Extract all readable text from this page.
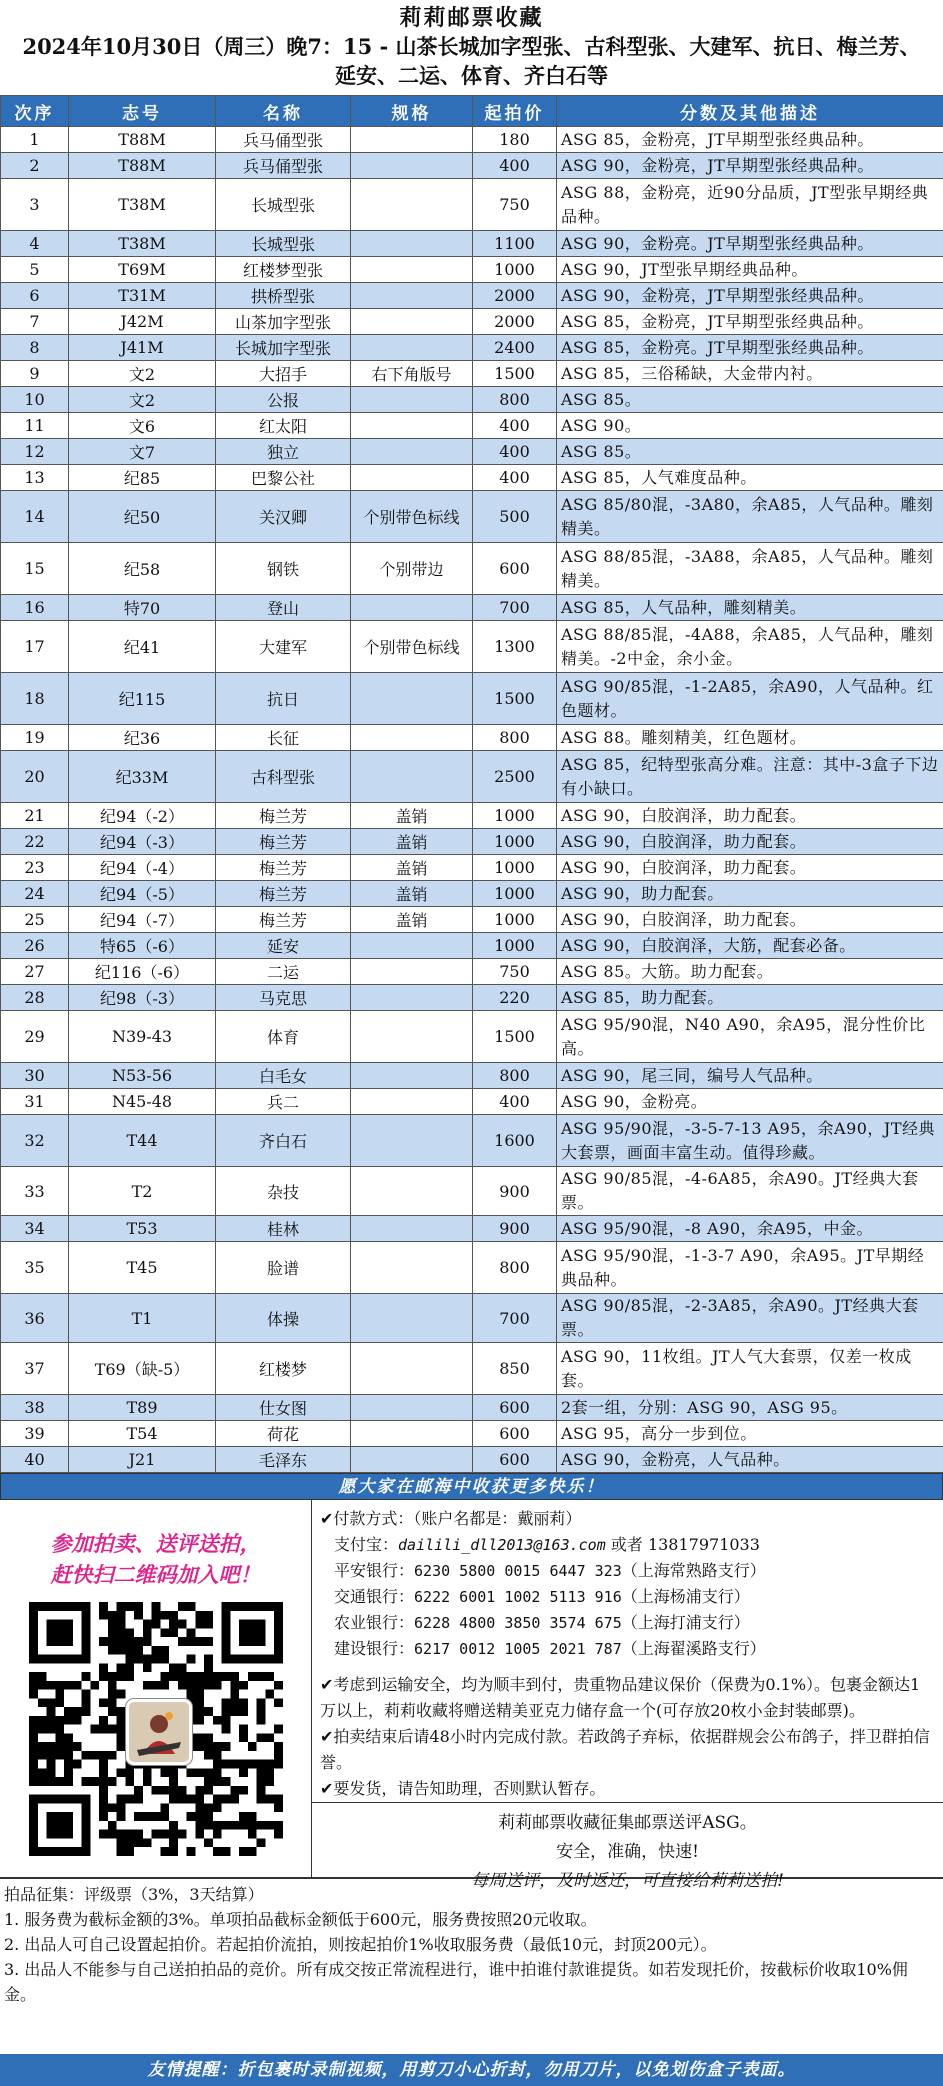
莉莉邮票收藏
2024年10月30日（周三）晚7：15 - 山茶长城加字型张、古科型张、大建军、抗日、梅兰芳、
延安、二运、体育、齐白石等
次序	志号	名称	规格	起拍价	分数及其他描述
1	T88M	兵马俑型张		180	ASG 85，金粉亮，JT早期型张经典品种。
2	T88M	兵马俑型张		400	ASG 90，金粉亮，JT早期型张经典品种。
3	T38M	长城型张		750	ASG 88，金粉亮，近90分品质，JT型张早期经典品种。
4	T38M	长城型张		1100	ASG 90，金粉亮。JT早期型张经典品种。
5	T69M	红楼梦型张		1000	ASG 90，JT型张早期经典品种。
6	T31M	拱桥型张		2000	ASG 90，金粉亮，JT早期型张经典品种。
7	J42M	山茶加字型张		2000	ASG 85，金粉亮，JT早期型张经典品种。
8	J41M	长城加字型张		2400	ASG 85，金粉亮。JT早期型张经典品种。
9	文2	大招手	右下角版号	1500	ASG 85，三俗稀缺，大金带内衬。
10	文2	公报		800	ASG 85。
11	文6	红太阳		400	ASG 90。
12	文7	独立		400	ASG 85。
13	纪85	巴黎公社		400	ASG 85，人气难度品种。
14	纪50	关汉卿	个别带色标线	500	ASG 85/80混，-3A80，余A85，人气品种。雕刻精美。
15	纪58	钢铁	个别带边	600	ASG 88/85混，-3A88，余A85，人气品种。雕刻精美。
16	特70	登山		700	ASG 85，人气品种，雕刻精美。
17	纪41	大建军	个别带色标线	1300	ASG 88/85混，-4A88，余A85，人气品种，雕刻精美。-2中金，余小金。
18	纪115	抗日		1500	ASG 90/85混，-1-2A85，余A90，人气品种。红色题材。
19	纪36	长征		800	ASG 88。雕刻精美，红色题材。
20	纪33M	古科型张		2500	ASG 85，纪特型张高分难。注意：其中-3盒子下边有小缺口。
21	纪94（-2）	梅兰芳	盖销	1000	ASG 90，白胶润泽，助力配套。
22	纪94（-3）	梅兰芳	盖销	1000	ASG 90，白胶润泽，助力配套。
23	纪94（-4）	梅兰芳	盖销	1000	ASG 90，白胶润泽，助力配套。
24	纪94（-5）	梅兰芳	盖销	1000	ASG 90，助力配套。
25	纪94（-7）	梅兰芳	盖销	1000	ASG 90，白胶润泽，助力配套。
26	特65（-6）	延安		1000	ASG 90，白胶润泽，大筋，配套必备。
27	纪116（-6）	二运		750	ASG 85。大筋。助力配套。
28	纪98（-3）	马克思		220	ASG 85，助力配套。
29	N39-43	体育		1500	ASG 95/90混，N40 A90，余A95，混分性价比高。
30	N53-56	白毛女		800	ASG 90，尾三同，编号人气品种。
31	N45-48	兵二		400	ASG 90，金粉亮。
32	T44	齐白石		1600	ASG 95/90混，-3-5-7-13 A95，余A90，JT经典大套票，画面丰富生动。值得珍藏。
33	T2	杂技		900	ASG 90/85混，-4-6A85，余A90。JT经典大套票。
34	T53	桂林		900	ASG 95/90混，-8 A90，余A95，中金。
35	T45	脸谱		800	ASG 95/90混，-1-3-7 A90，余A95。JT早期经典品种。
36	T1	体操		700	ASG 90/85混，-2-3A85，余A90。JT经典大套票。
37	T69（缺-5）	红楼梦		850	ASG 90，11枚组。JT人气大套票，仅差一枚成套。
38	T89	仕女图		600	2套一组，分别：ASG 90，ASG 95。
39	T54	荷花		600	ASG 95，高分一步到位。
40	J21	毛泽东		600	ASG 90，金粉亮，人气品种。
愿大家在邮海中收获更多快乐！
参加拍卖、送评送拍，
赶快扫二维码加入吧！
✔付款方式：（账户名都是：戴丽莉）
支付宝：dailili_dll2013@163.com 或者 13817971033
平安银行：6230 5800 0015 6447 323（上海常熟路支行）
交通银行：6222 6001 1002 5113 916（上海杨浦支行）
农业银行：6228 4800 3850 3574 675（上海打浦支行）
建设银行：6217 0012 1005 2021 787（上海翟溪路支行）
✔考虑到运输安全，均为顺丰到付，贵重物品建议保价（保费为0.1%）。包裹金额达1万以上，莉莉收藏将赠送精美亚克力储存盒一个(可存放20枚小金封装邮票)。
✔拍卖结束后请48小时内完成付款。若政鸽子弃标，依据群规会公布鸽子，拌卫群拍信誉。
✔要发货，请告知助理，否则默认暂存。
莉莉邮票收藏征集邮票送评ASG。
安全，准确，快速!
每周送评，及时返还，可直接给莉莉送拍!
拍品征集：评级票（3%，3天结算）
1. 服务费为截标金额的3%。单项拍品截标金额低于600元，服务费按照20元收取。
2. 出品人可自己设置起拍价。若起拍价流拍，则按起拍价1%收取服务费（最低10元，封顶200元）。
3. 出品人不能参与自己送拍拍品的竞价。所有成交按正常流程进行，谁中拍谁付款谁提货。如若发现托价，按截标价收取10%佣金。
友情提醒：折包裹时录制视频，用剪刀小心折封，勿用刀片，以免划伤盒子表面。
